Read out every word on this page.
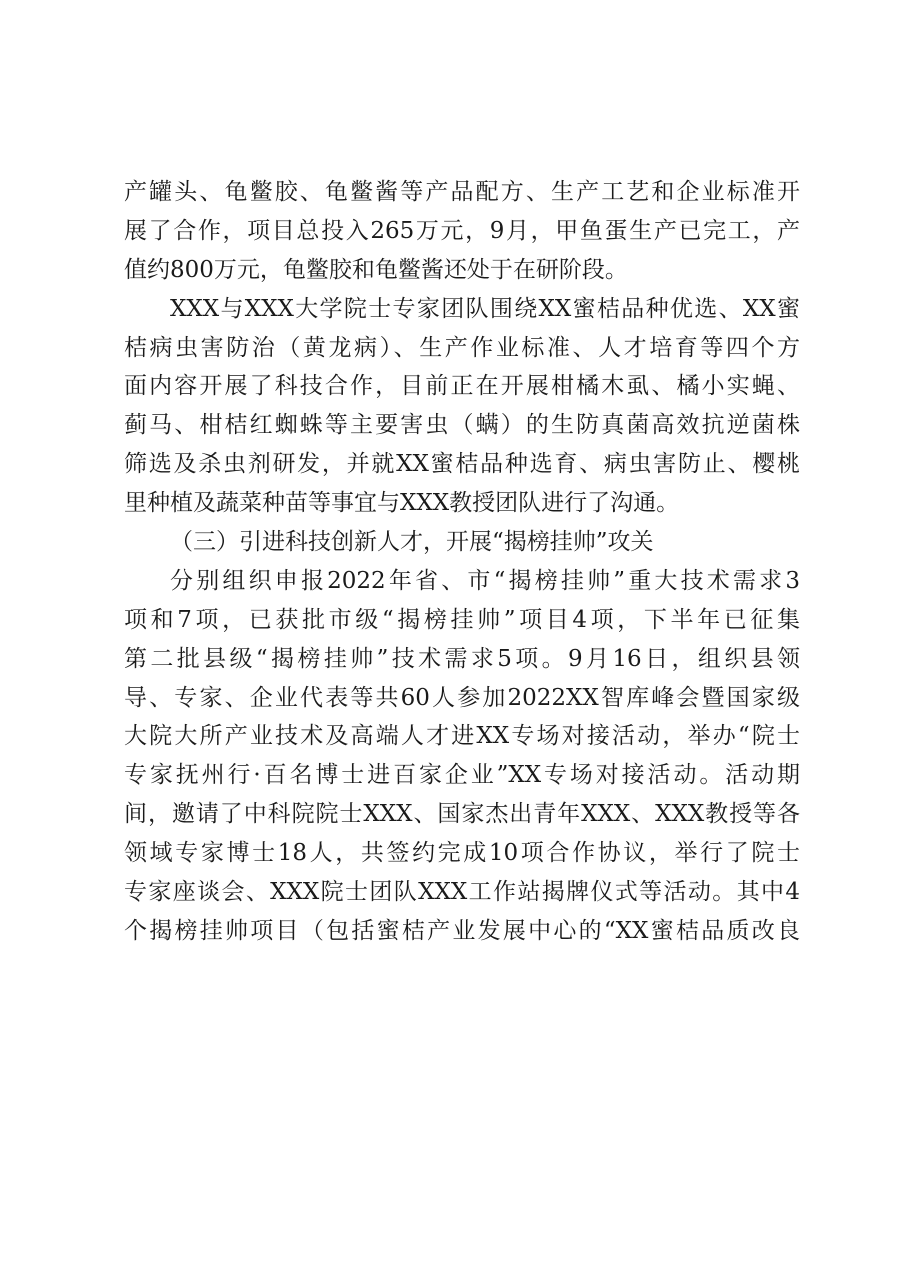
产罐头、龟鳖胶、龟鳖酱等产品配方、生产工艺和企业标准开
展了合作，项目总投入265万元，9月，甲鱼蛋生产已完工，产
值约800万元，龟鳖胶和龟鳖酱还处于在研阶段。
XXX与XXX大学院士专家团队围绕XX蜜桔品种优选、XX蜜
桔病虫害防治（黄龙病）、生产作业标准、人才培育等四个方
面内容开展了科技合作，目前正在开展柑橘木虱、橘小实蝇、
蓟马、柑桔红蜘蛛等主要害虫（螨）的生防真菌高效抗逆菌株
筛选及杀虫剂研发，并就XX蜜桔品种选育、病虫害防止、樱桃
里种植及蔬菜种苗等事宜与XXX教授团队进行了沟通。
（三）引进科技创新人才，开展“揭榜挂帅”攻关
分别组织申报2022年省、市“揭榜挂帅”重大技术需求3
项和7项，已获批市级“揭榜挂帅”项目4项，下半年已征集
第二批县级“揭榜挂帅”技术需求5项。9月16日，组织县领
导、专家、企业代表等共60人参加2022XX智库峰会暨国家级
大院大所产业技术及高端人才进XX专场对接活动，举办“院士
专家抚州行·百名博士进百家企业”XX专场对接活动。活动期
间，邀请了中科院院士XXX、国家杰出青年XXX、XXX教授等各
领域专家博士18人，共签约完成10项合作协议，举行了院士
专家座谈会、XXX院士团队XXX工作站揭牌仪式等活动。其中4
个揭榜挂帅项目（包括蜜桔产业发展中心的“XX蜜桔品质改良
